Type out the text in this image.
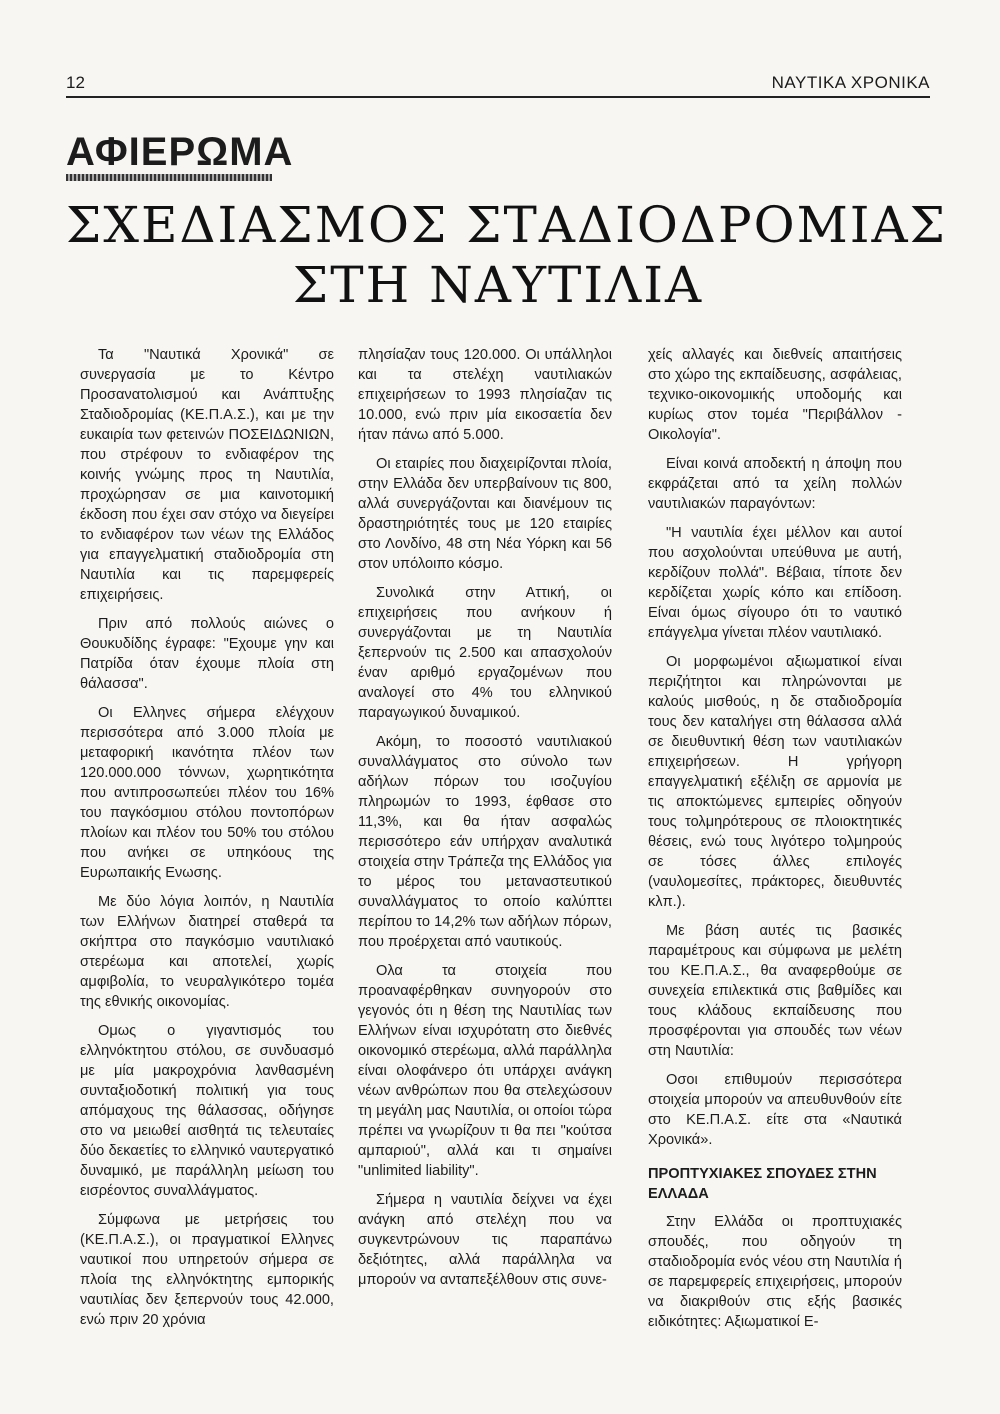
12	ΝΑΥΤΙΚΑ ΧΡΟΝΙΚΑ
ΑΦΙΕΡΩΜΑ
ΣΧΕΔΙΑΣΜΟΣ ΣΤΑΔΙΟΔΡΟΜΙΑΣ
ΣΤΗ ΝΑΥΤΙΛΙΑ

Τα "Ναυτικά Χρονικά" σε συνεργασία με το Κέντρο Προσανατολισμού και Ανάπτυξης Σταδιοδρομίας (ΚΕ.Π.Α.Σ.), και με την ευκαιρία των φετεινών ΠΟΣΕΙΔΩΝΙΩΝ, που στρέφουν το ενδιαφέρον της κοινής γνώμης προς τη Ναυτιλία, προχώρησαν σε μια καινοτομική έκδοση που έχει σαν στόχο να διεγείρει το ενδιαφέρον των νέων της Ελλάδος για επαγγελματική σταδιοδρομία στη Ναυτιλία και τις παρεμφερείς επιχειρήσεις.

Πριν από πολλούς αιώνες ο Θουκυδίδης έγραφε: "Εχουμε γην και Πατρίδα όταν έχουμε πλοία στη θάλασσα".

Οι Ελληνες σήμερα ελέγχουν περισσότερα από 3.000 πλοία με μεταφορική ικανότητα πλέον των 120.000.000 τόννων, χωρητικότητα που αντιπροσωπεύει πλέον του 16% του παγκόσμιου στόλου ποντοπόρων πλοίων και πλέον του 50% του στόλου που ανήκει σε υπηκόους της Ευρωπαικής Ενωσης.

Με δύο λόγια λοιπόν, η Ναυτιλία των Ελλήνων διατηρεί σταθερά τα σκήπτρα στο παγκόσμιο ναυτιλιακό στερέωμα και αποτελεί, χωρίς αμφιβολία, το νευραλγικότερο τομέα της εθνικής οικονομίας.

Ομως ο γιγαντισμός του ελληνόκτητου στόλου, σε συνδυασμό με μία μακροχρόνια λανθασμένη συνταξιοδοτική πολιτική για τους απόμαχους της θάλασσας, οδήγησε στο να μειωθεί αισθητά τις τελευταίες δύο δεκαετίες το ελληνικό ναυτεργατικό δυναμικό, με παράλληλη μείωση του εισρέοντος συναλλάγματος.

Σύμφωνα με μετρήσεις του (ΚΕ.Π.Α.Σ.), οι πραγματικοί Ελληνες ναυτικοί που υπηρετούν σήμερα σε πλοία της ελληνόκτητης εμπορικής ναυτιλίας δεν ξεπερνούν τους 42.000, ενώ πριν 20 χρόνια

πλησίαζαν τους 120.000. Οι υπάλληλοι και τα στελέχη ναυτιλιακών επιχειρήσεων το 1993 πλησίαζαν τις 10.000, ενώ πριν μία εικοσαετία δεν ήταν πάνω από 5.000.

Οι εταιρίες που διαχειρίζονται πλοία, στην Ελλάδα δεν υπερβαίνουν τις 800, αλλά συνεργάζονται και διανέμουν τις δραστηριότητές τους με 120 εταιρίες στο Λονδίνο, 48 στη Νέα Υόρκη και 56 στον υπόλοιπο κόσμο.

Συνολικά στην Αττική, οι επιχειρήσεις που ανήκουν ή συνεργάζονται με τη Ναυτιλία ξεπερνούν τις 2.500 και απασχολούν έναν αριθμό εργαζομένων που αναλογεί στο 4% του ελληνικού παραγωγικού δυναμικού.

Ακόμη, το ποσοστό ναυτιλιακού συναλλάγματος στο σύνολο των αδήλων πόρων του ισοζυγίου πληρωμών το 1993, έφθασε στο 11,3%, και θα ήταν ασφαλώς περισσότερο εάν υπήρχαν αναλυτικά στοιχεία στην Τράπεζα της Ελλάδος για το μέρος του μεταναστευτικού συναλλάγματος το οποίο καλύπτει περίπου το 14,2% των αδήλων πόρων, που προέρχεται από ναυτικούς.

Ολα τα στοιχεία που προαναφέρθηκαν συνηγορούν στο γεγονός ότι η θέση της Ναυτιλίας των Ελλήνων είναι ισχυρότατη στο διεθνές οικονομικό στερέωμα, αλλά παράλληλα είναι ολοφάνερο ότι υπάρχει ανάγκη νέων ανθρώπων που θα στελεχώσουν τη μεγάλη μας Ναυτιλία, οι οποίοι τώρα πρέπει να γνωρίζουν τι θα πει "κούτσα αμπαριού", αλλά και τι σημαίνει "unlimited liability".

Σήμερα η ναυτιλία δείχνει να έχει ανάγκη από στελέχη που να συγκεντρώνουν τις παραπάνω δεξιότητες, αλλά παράλληλα να μπορούν να ανταπεξέλθουν στις συνε-

χείς αλλαγές και διεθνείς απαιτήσεις στο χώρο της εκπαίδευσης, ασφάλειας, τεχνικο-οικονομικής υποδομής και κυρίως στον τομέα "Περιβάλλον - Οικολογία".

Είναι κοινά αποδεκτή η άποψη που εκφράζεται από τα χείλη πολλών ναυτιλιακών παραγόντων:

"Η ναυτιλία έχει μέλλον και αυτοί που ασχολούνται υπεύθυνα με αυτή, κερδίζουν πολλά". Βέβαια, τίποτε δεν κερδίζεται χωρίς κόπο και επίδοση. Είναι όμως σίγουρο ότι το ναυτικό επάγγελμα γίνεται πλέον ναυτιλιακό.

Οι μορφωμένοι αξιωματικοί είναι περιζήτητοι και πληρώνονται με καλούς μισθούς, η δε σταδιοδρομία τους δεν καταλήγει στη θάλασσα αλλά σε διευθυντική θέση των ναυτιλιακών επιχειρήσεων. Η γρήγορη επαγγελματική εξέλιξη σε αρμονία με τις αποκτώμενες εμπειρίες οδηγούν τους τολμηρότερους σε πλοιοκτητικές θέσεις, ενώ τους λιγότερο τολμηρούς σε τόσες άλλες επιλογές (ναυλομεσίτες, πράκτορες, διευθυντές κλπ.).

Με βάση αυτές τις βασικές παραμέτρους και σύμφωνα με μελέτη του ΚΕ.Π.Α.Σ., θα αναφερθούμε σε συνεχεία επιλεκτικά στις βαθμίδες και τους κλάδους εκπαίδευσης που προσφέρονται για σπουδές των νέων στη Ναυτιλία:

Οσοι επιθυμούν περισσότερα στοιχεία μπορούν να απευθυνθούν είτε στο ΚΕ.Π.Α.Σ. είτε στα «Ναυτικά Χρονικά».

ΠΡΟΠΤΥΧΙΑΚΕΣ ΣΠΟΥΔΕΣ ΣΤΗΝ ΕΛΛΑΔΑ

Στην Ελλάδα οι προπτυχιακές σπουδές, που οδηγούν τη σταδιοδρομία ενός νέου στη Ναυτιλία ή σε παρεμφερείς επιχειρήσεις, μπορούν να διακριθούν στις εξής βασικές ειδικότητες: Αξιωματικοί Ε-
